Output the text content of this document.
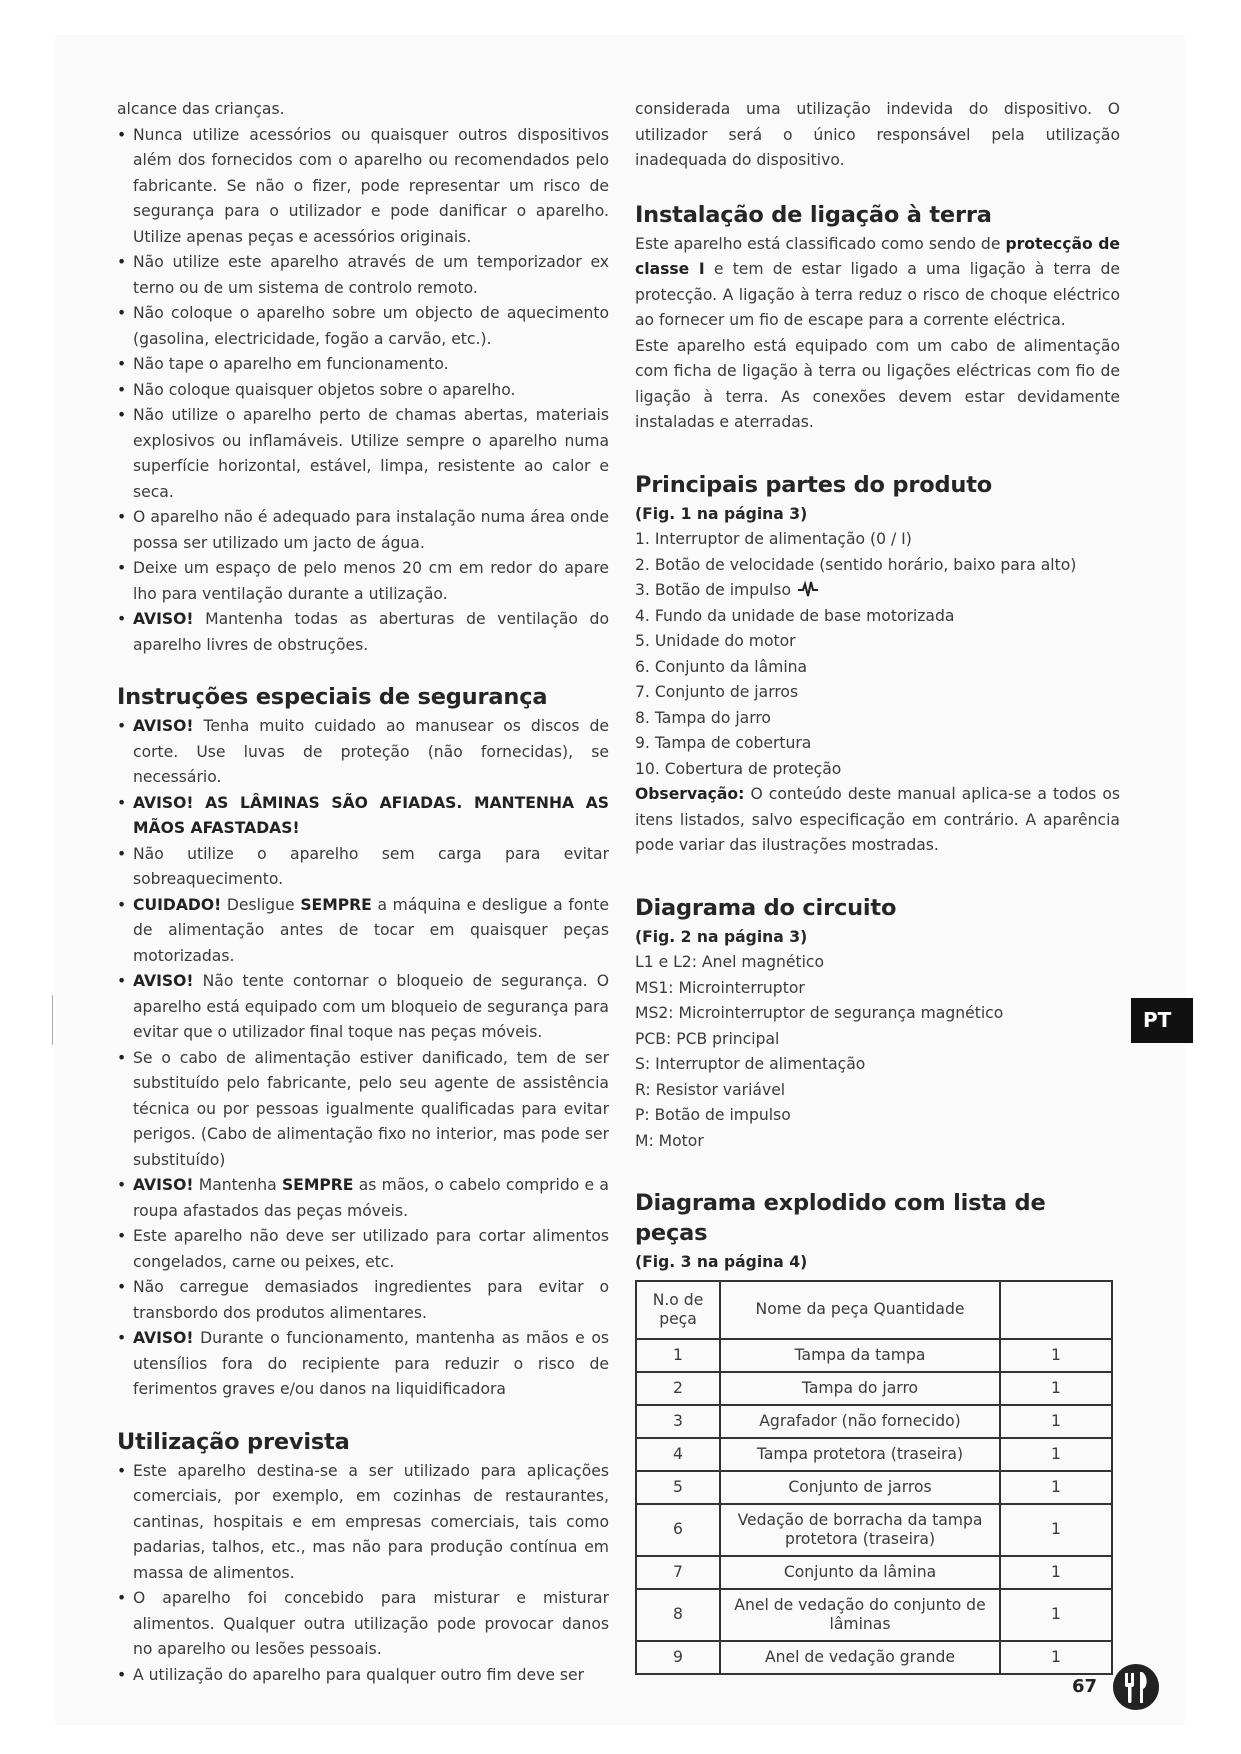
alcance das crianças.
• Nunca utilize acessórios ou quaisquer outros dispositivos além dos fornecidos com o aparelho ou recomendados pelo fabricante. Se não o fizer, pode representar um risco de segurança para o utilizador e pode danificar o aparelho. Utilize apenas peças e acessórios originais.
• Não utilize este aparelho através de um temporizador ex terno ou de um sistema de controlo remoto.
• Não coloque o aparelho sobre um objecto de aquecimento (gasolina, electricidade, fogão a carvão, etc.).
• Não tape o aparelho em funcionamento.
• Não coloque quaisquer objetos sobre o aparelho.
• Não utilize o aparelho perto de chamas abertas, materiais explosivos ou inflamáveis. Utilize sempre o aparelho numa superfície horizontal, estável, limpa, resistente ao calor e seca.
• O aparelho não é adequado para instalação numa área onde possa ser utilizado um jacto de água.
• Deixe um espaço de pelo menos 20 cm em redor do apare lho para ventilação durante a utilização.
• AVISO! Mantenha todas as aberturas de ventilação do aparelho livres de obstruções.
Instruções especiais de segurança
• AVISO! Tenha muito cuidado ao manusear os discos de corte. Use luvas de proteção (não fornecidas), se necessário.
• AVISO! AS LÂMINAS SÃO AFIADAS. MANTENHA AS MÃOS AFASTADAS!
• Não utilize o aparelho sem carga para evitar sobreaquecimento.
• CUIDADO! Desligue SEMPRE a máquina e desligue a fonte de alimentação antes de tocar em quaisquer peças motorizadas.
• AVISO! Não tente contornar o bloqueio de segurança. O aparelho está equipado com um bloqueio de segurança para evitar que o utilizador final toque nas peças móveis.
• Se o cabo de alimentação estiver danificado, tem de ser substituído pelo fabricante, pelo seu agente de assistência técnica ou por pessoas igualmente qualificadas para evitar perigos. (Cabo de alimentação fixo no interior, mas pode ser substituído)
• AVISO! Mantenha SEMPRE as mãos, o cabelo comprido e a roupa afastados das peças móveis.
• Este aparelho não deve ser utilizado para cortar alimentos congelados, carne ou peixes, etc.
• Não carregue demasiados ingredientes para evitar o transbordo dos produtos alimentares.
• AVISO! Durante o funcionamento, mantenha as mãos e os utensílios fora do recipiente para reduzir o risco de ferimentos graves e/ou danos na liquidificadora
Utilização prevista
• Este aparelho destina-se a ser utilizado para aplicações comerciais, por exemplo, em cozinhas de restaurantes, cantinas, hospitais e em empresas comerciais, tais como padarias, talhos, etc., mas não para produção contínua em massa de alimentos.
• O aparelho foi concebido para misturar e misturar alimentos. Qualquer outra utilização pode provocar danos no aparelho ou lesões pessoais.
• A utilização do aparelho para qualquer outro fim deve ser

considerada uma utilização indevida do dispositivo. O utilizador será o único responsável pela utilização inadequada do dispositivo.

Instalação de ligação à terra

Este aparelho está classificado como sendo de protecção de classe I e tem de estar ligado a uma ligação à terra de protecção. A ligação à terra reduz o risco de choque eléctrico ao fornecer um fio de escape para a corrente eléctrica.

Este aparelho está equipado com um cabo de alimentação com ficha de ligação à terra ou ligações eléctricas com fio de ligação à terra. As conexões devem estar devidamente instaladas e aterradas.

Principais partes do produto
(Fig. 1 na página 3)
1. Interruptor de alimentação (0 / I)
2. Botão de velocidade (sentido horário, baixo para alto)
3. Botão de impulso
4. Fundo da unidade de base motorizada
5. Unidade do motor
6. Conjunto da lâmina
7. Conjunto de jarros
8. Tampa do jarro
9. Tampa de cobertura
10. Cobertura de proteção

Observação: O conteúdo deste manual aplica-se a todos os itens listados, salvo especificação em contrário. A aparência pode variar das ilustrações mostradas.

Diagrama do circuito
(Fig. 2 na página 3)
L1 e L2: Anel magnético
MS1: Microinterruptor
MS2: Microinterruptor de segurança magnético
PCB: PCB principal
S: Interruptor de alimentação
R: Resistor variável
P: Botão de impulso
M: Motor
Diagrama explodido com lista de peças
(Fig. 3 na página 4)
N.o de peça	Nome da peça Quantidade	
1	Tampa da tampa	1
2	Tampa do jarro	1
3	Agrafador (não fornecido)	1
4	Tampa protetora (traseira)	1
5	Conjunto de jarros	1
6	Vedação de borracha da tampa protetora (traseira)	1
7	Conjunto da lâmina	1
8	Anel de vedação do conjunto de lâminas	1
9	Anel de vedação grande	1
PT
67
